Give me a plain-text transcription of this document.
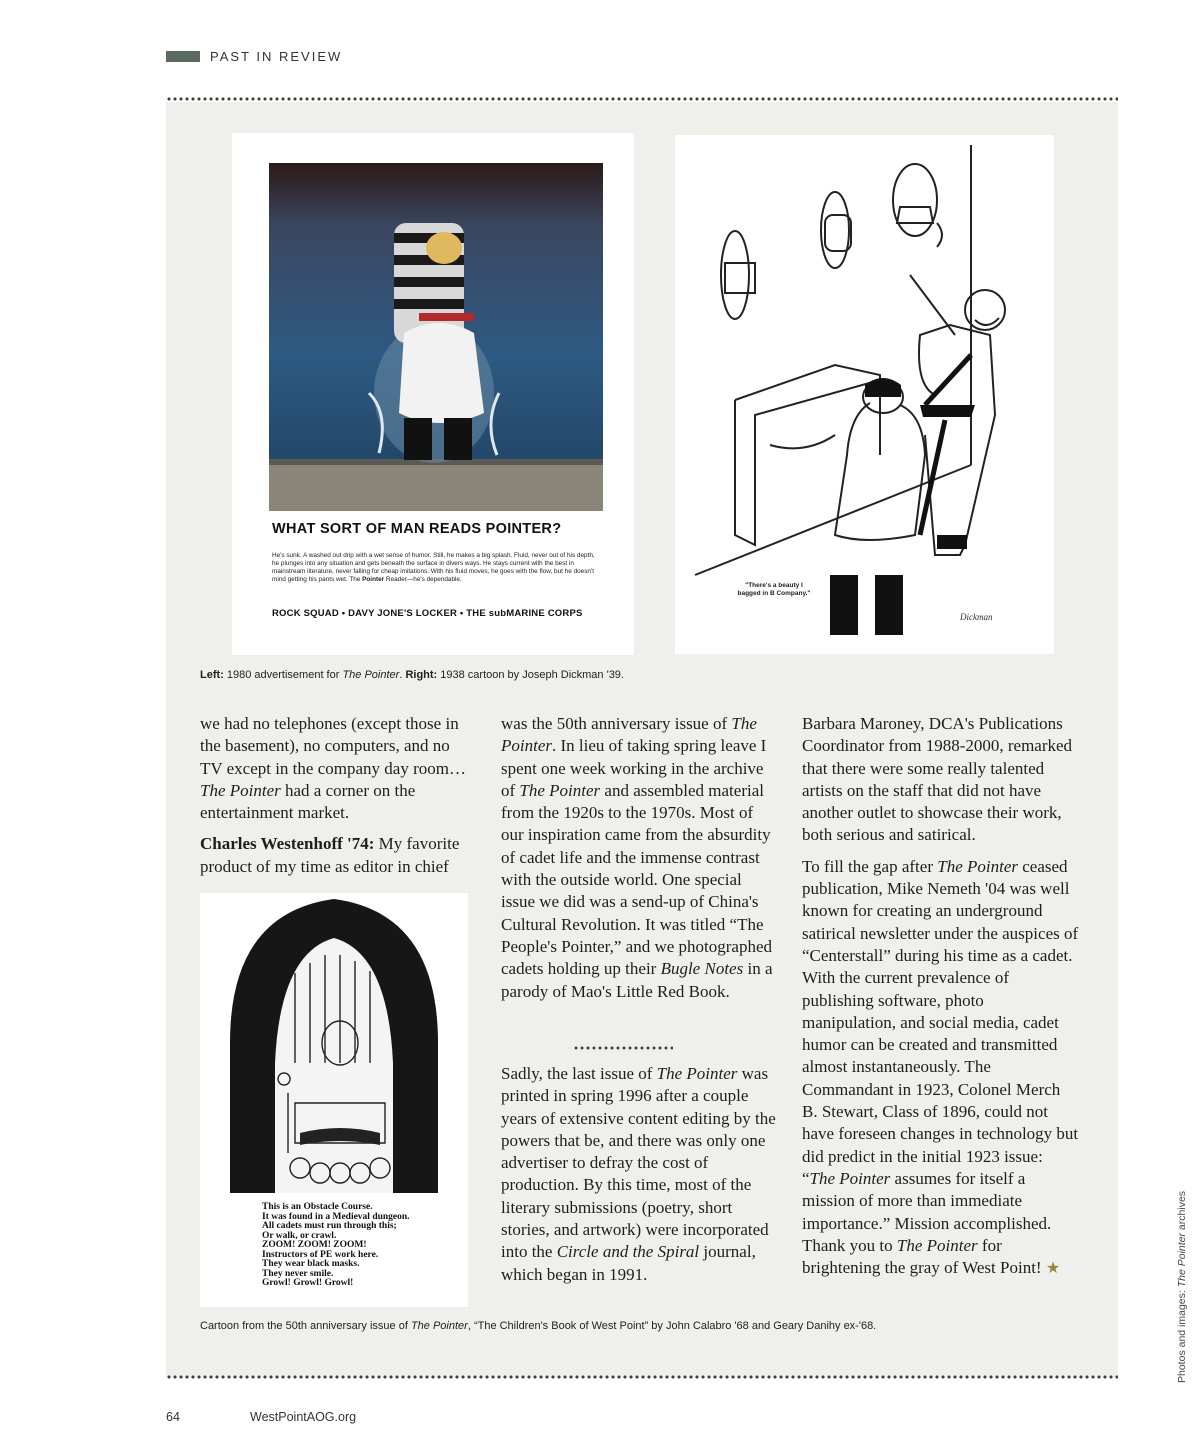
PAST IN REVIEW
WHAT SORT OF MAN READS POINTER?
He's sunk. A washed out drip with a wet sense of humor. Still, he makes a big splash. Fluid, never out of his depth, he plunges into any situation and gets beneath the surface in divers ways. He stays current with the best in mainstream literature, never falling for cheap imitations. With his fluid moves, he goes with the flow, but he doesn't mind getting his pants wet. The Pointer Reader—he's dependable.
ROCK SQUAD • DAVY JONE'S LOCKER • THE subMARINE CORPS	Dickman
"There's a beauty I
bagged in B Company."
Left: 1980 advertisement for The Pointer. Right: 1938 cartoon by Joseph Dickman '39.

we had no telephones (except those in the basement), no computers, and no TV except in the company day room…The Pointer had a corner on the entertainment market.

Charles Westenhoff '74: My favorite product of my time as editor in chief

This is an Obstacle Course.
It was found in a Medieval dungeon.
All cadets must run through this;
Or walk, or crawl.
ZOOM! ZOOM! ZOOM!
Instructors of PE work here.
They wear black masks.
They never smile.
Growl! Growl! Growl!

was the 50th anniversary issue of The Pointer. In lieu of taking spring leave I spent one week working in the archive of The Pointer and assembled material from the 1920s to the 1970s. Most of our inspiration came from the absurdity of cadet life and the immense contrast with the outside world. One special issue we did was a send-up of China's Cultural Revolution. It was titled “The People's Pointer,” and we photographed cadets holding up their Bugle Notes in a parody of Mao's Little Red Book.

Sadly, the last issue of The Pointer was printed in spring 1996 after a couple years of extensive content editing by the powers that be, and there was only one advertiser to defray the cost of production. By this time, most of the literary submissions (poetry, short stories, and artwork) were incorporated into the Circle and the Spiral journal, which began in 1991.

Barbara Maroney, DCA's Publications Coordinator from 1988-2000, remarked that there were some really talented artists on the staff that did not have another outlet to showcase their work, both serious and satirical.

To fill the gap after The Pointer ceased publication, Mike Nemeth '04 was well known for creating an underground satirical newsletter under the auspices of “Centerstall” during his time as a cadet. With the current prevalence of publishing software, photo manipulation, and social media, cadet humor can be created and transmitted almost instantaneously. The Commandant in 1923, Colonel Merch B. Stewart, Class of 1896, could not have foreseen changes in technology but did predict in the initial 1923 issue: “The Pointer assumes for itself a mission of more than immediate importance.” Mission accomplished. Thank you to The Pointer for brightening the gray of West Point! ★

Cartoon from the 50th anniversary issue of The Pointer, “The Children's Book of West Point” by John Calabro '68 and Geary Danihy ex-'68.	Photos and images: The Pointer archives
64	WestPointAOG.org
